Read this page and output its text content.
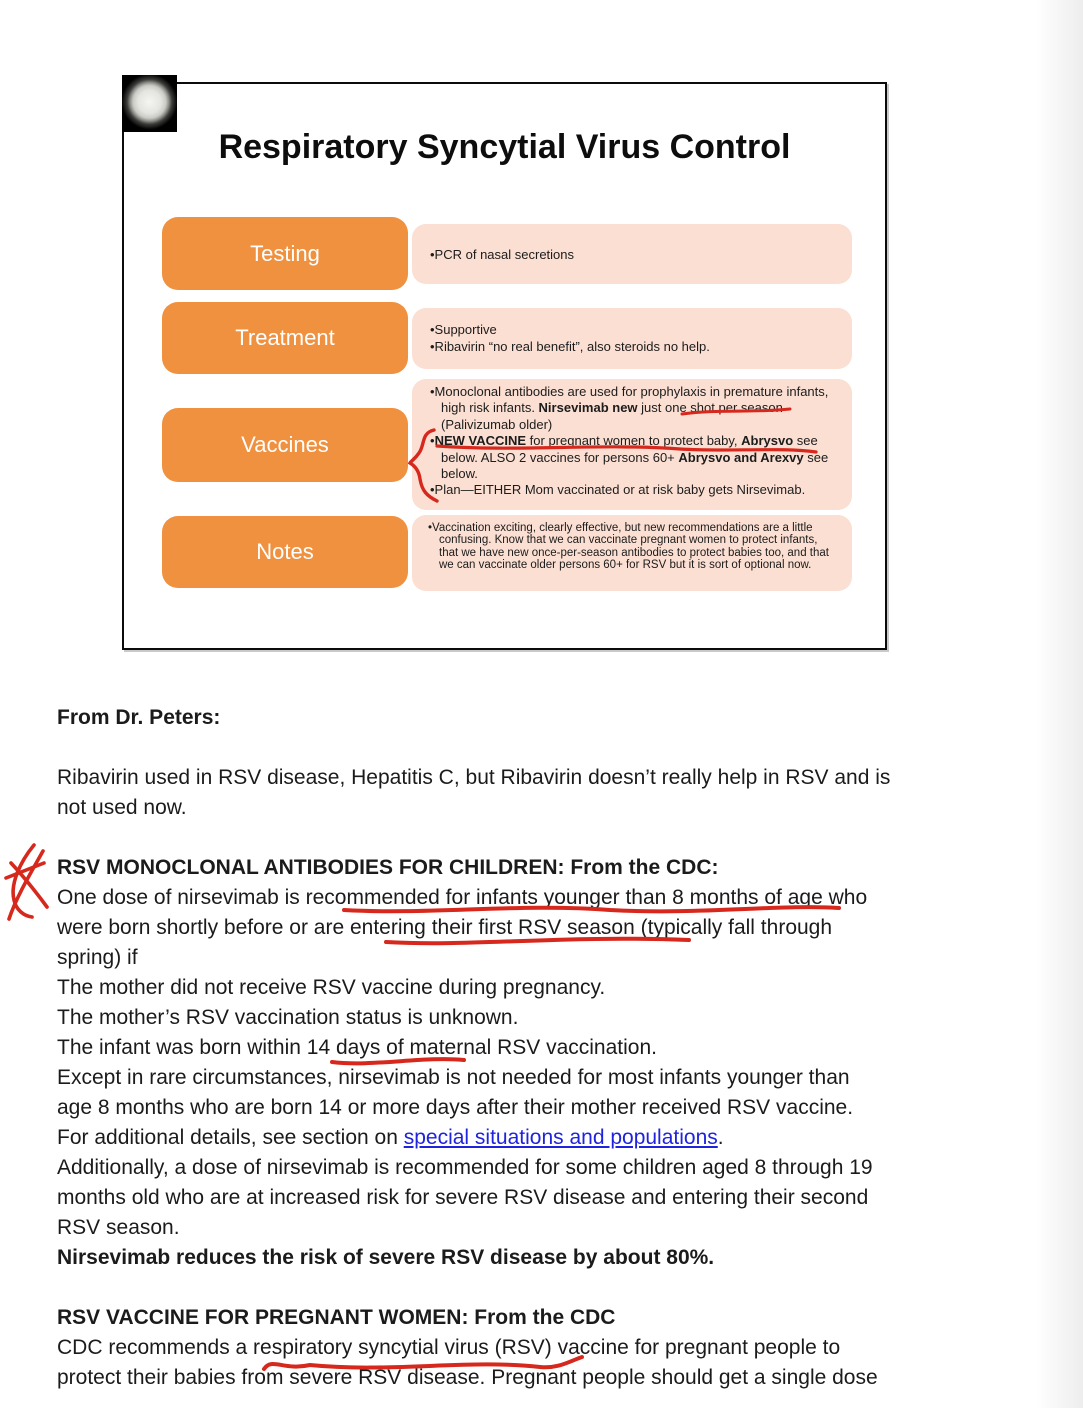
Respiratory Syncytial Virus Control
Testing	•PCR of nasal secretions
Treatment	•Supportive
•Ribavirin “no real benefit”, also steroids no help.
Vaccines
•Monoclonal antibodies are used for prophylaxis in premature infants, high risk infants. Nirsevimab new just one shot per season (Palivizumab older)
•NEW VACCINE for pregnant women to protect baby, Abrysvo see below. ALSO 2 vaccines for persons 60+ Abrysvo and Arexvy see below.
•Plan—EITHER Mom vaccinated or at risk baby gets Nirsevimab.
Notes
•Vaccination exciting, clearly effective, but new recommendations are a little confusing. Know that we can vaccinate pregnant women to protect infants, that we have new once-per-season antibodies to protect babies too, and that we can vaccinate older persons 60+ for RSV but it is sort of optional now.
From Dr. Peters:

Ribavirin used in RSV disease, Hepatitis C, but Ribavirin doesn’t really help in RSV and is
not used now.

RSV MONOCLONAL ANTIBODIES FOR CHILDREN: From the CDC:
One dose of nirsevimab is recommended for infants younger than 8 months of age who
were born shortly before or are entering their first RSV season (typically fall through
spring) if
The mother did not receive RSV vaccine during pregnancy.
The mother’s RSV vaccination status is unknown.
The infant was born within 14 days of maternal RSV vaccination.
Except in rare circumstances, nirsevimab is not needed for most infants younger than
age 8 months who are born 14 or more days after their mother received RSV vaccine.
For additional details, see section on special situations and populations.
Additionally, a dose of nirsevimab is recommended for some children aged 8 through 19
months old who are at increased risk for severe RSV disease and entering their second
RSV season.
Nirsevimab reduces the risk of severe RSV disease by about 80%.

RSV VACCINE FOR PREGNANT WOMEN: From the CDC
CDC recommends a respiratory syncytial virus (RSV) vaccine for pregnant people to
protect their babies from severe RSV disease. Pregnant people should get a single dose
